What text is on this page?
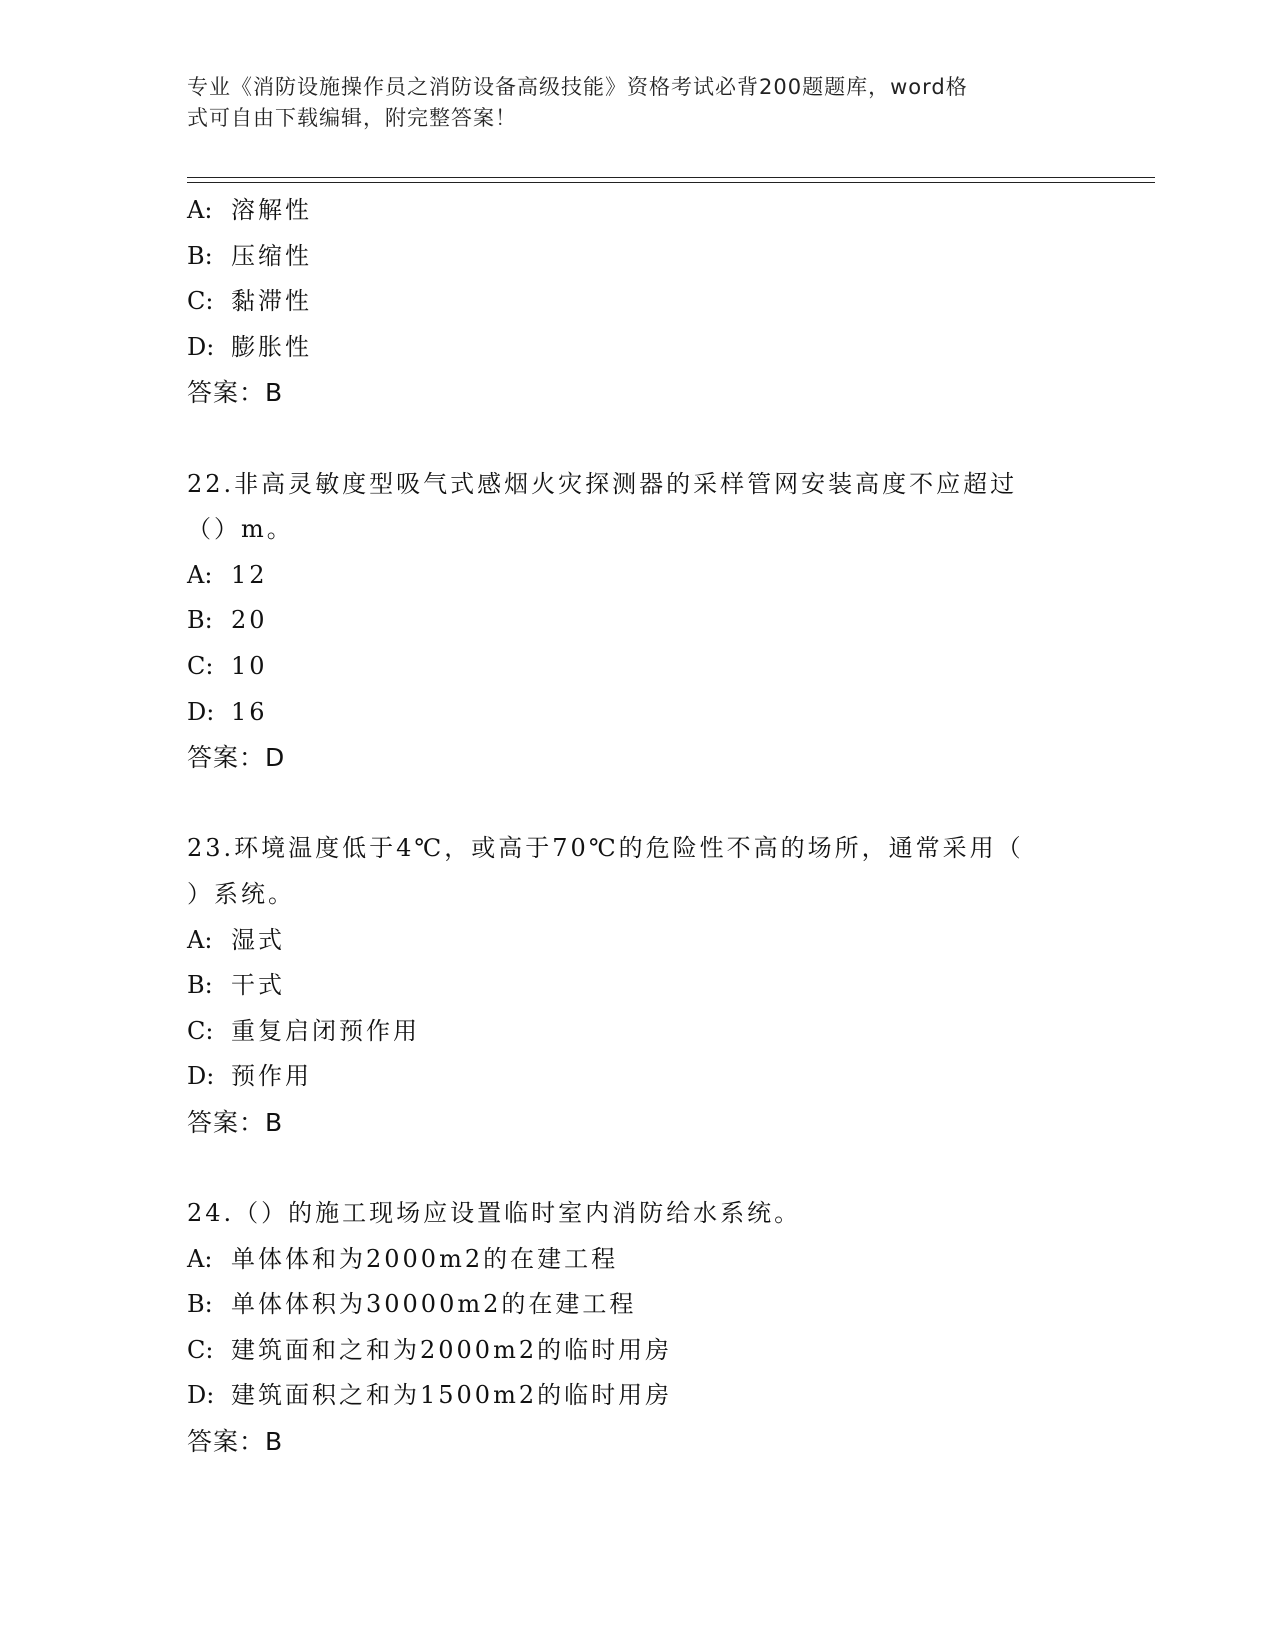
专业《消防设施操作员之消防设备高级技能》资格考试必背200题题库，word格
式可自由下载编辑，附完整答案！
A: 溶解性
B: 压缩性
C: 黏滞性
D: 膨胀性
答案：B
22.非高灵敏度型吸气式感烟火灾探测器的采样管网安装高度不应超过
（）m。
A: 12
B: 20
C: 10
D: 16
答案：D
23.环境温度低于4℃，或高于70℃的危险性不高的场所，通常采用（
）系统。
A: 湿式
B: 干式
C: 重复启闭预作用
D: 预作用
答案：B
24.（）的施工现场应设置临时室内消防给水系统。
A: 单体体和为2000m2的在建工程
B: 单体体积为30000m2的在建工程
C: 建筑面和之和为2000m2的临时用房
D: 建筑面积之和为1500m2的临时用房
答案：B
